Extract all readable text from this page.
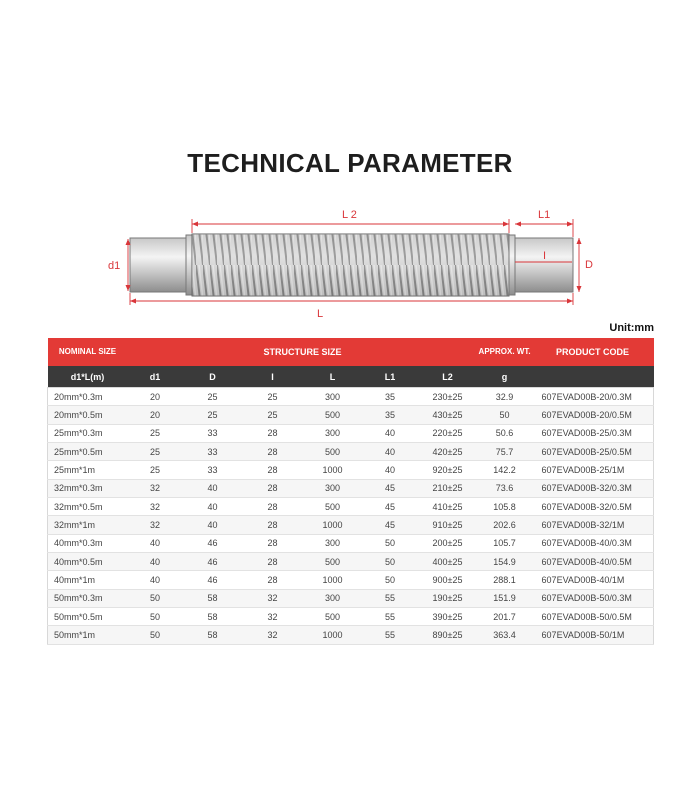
TECHNICAL PARAMETER
L 2	L1
d1
I
D
L
Unit:mm
NOMINAL SIZE	STRUCTURE SIZE						APPROX. WT.	PRODUCT CODE
d1*L(m)	d1	D	I	L	L1	L2	g	
20mm*0.3m	20	25	25	300	35	230±25	32.9	607EVAD00B-20/0.3M
20mm*0.5m	20	25	25	500	35	430±25	50	607EVAD00B-20/0.5M
25mm*0.3m	25	33	28	300	40	220±25	50.6	607EVAD00B-25/0.3M
25mm*0.5m	25	33	28	500	40	420±25	75.7	607EVAD00B-25/0.5M
25mm*1m	25	33	28	1000	40	920±25	142.2	607EVAD00B-25/1M
32mm*0.3m	32	40	28	300	45	210±25	73.6	607EVAD00B-32/0.3M
32mm*0.5m	32	40	28	500	45	410±25	105.8	607EVAD00B-32/0.5M
32mm*1m	32	40	28	1000	45	910±25	202.6	607EVAD00B-32/1M
40mm*0.3m	40	46	28	300	50	200±25	105.7	607EVAD00B-40/0.3M
40mm*0.5m	40	46	28	500	50	400±25	154.9	607EVAD00B-40/0.5M
40mm*1m	40	46	28	1000	50	900±25	288.1	607EVAD00B-40/1M
50mm*0.3m	50	58	32	300	55	190±25	151.9	607EVAD00B-50/0.3M
50mm*0.5m	50	58	32	500	55	390±25	201.7	607EVAD00B-50/0.5M
50mm*1m	50	58	32	1000	55	890±25	363.4	607EVAD00B-50/1M
